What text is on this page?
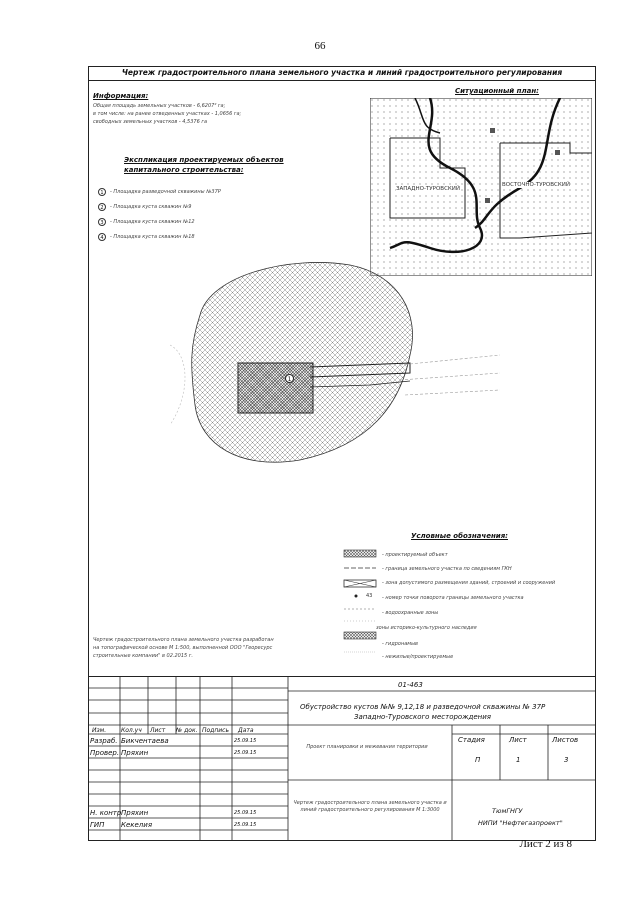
66
Чертеж градостроительного плана земельного участка и линий градостроительного регулирования
Информация:
Общая площадь земельных участков - 6,6207² га;
в том числе: на ранее отведенных участках - 1,0656 га;
свободных земельных участков - 4,5376 га
Экспликация проектируемых объектов
капитального строительства:
1	- Площадка разведочной скважины №37Р
2	- Площадка куста скважин №9
3	- Площадка куста скважин №12
4	- Площадка куста скважин №18
Ситуационный план:
ЗАПАДНО-ТУРОВСКИЙ
ВОСТОЧНО-ТУРОВСКИЙ
1
Условные обозначения:
43
- проектируемый объект
- граница земельного участка по сведениям ГКН
- зона допустимого размещения зданий, строений и сооружений
- номер точки поворота границы земельного участка
- водоохранные зоны
зоны историко-культурного наследия
- гидронамыв
- нежилые/проектируемые
Чертеж градостроительного плана земельного участка разработан
на топографической основе М 1:500, выполненной ООО "Георесурс
строительные компании" в 02.2015 г.
01-463
Обустройство кустов №№ 9,12,18 и разведочной скважины № 37Р
Западно-Туровского месторождения
Изм. Кол.уч Лист № док. Подпись Дата
Разраб. Бикчентаева	25.09.15
Провер. Пряхин	25.09.15
Н. контр Пряхин	25.09.15
ГИП Кекелия	25.09.15
Проект планировки и межевания территории
Стадия
П
Лист
1
Листов
3
Чертеж градостроительного плана земельного участка и линий градостроительного регулирования М 1:3000	ТюмГНГУ
НИПИ "Нефтегазпроект"
Лист 2 из 8
